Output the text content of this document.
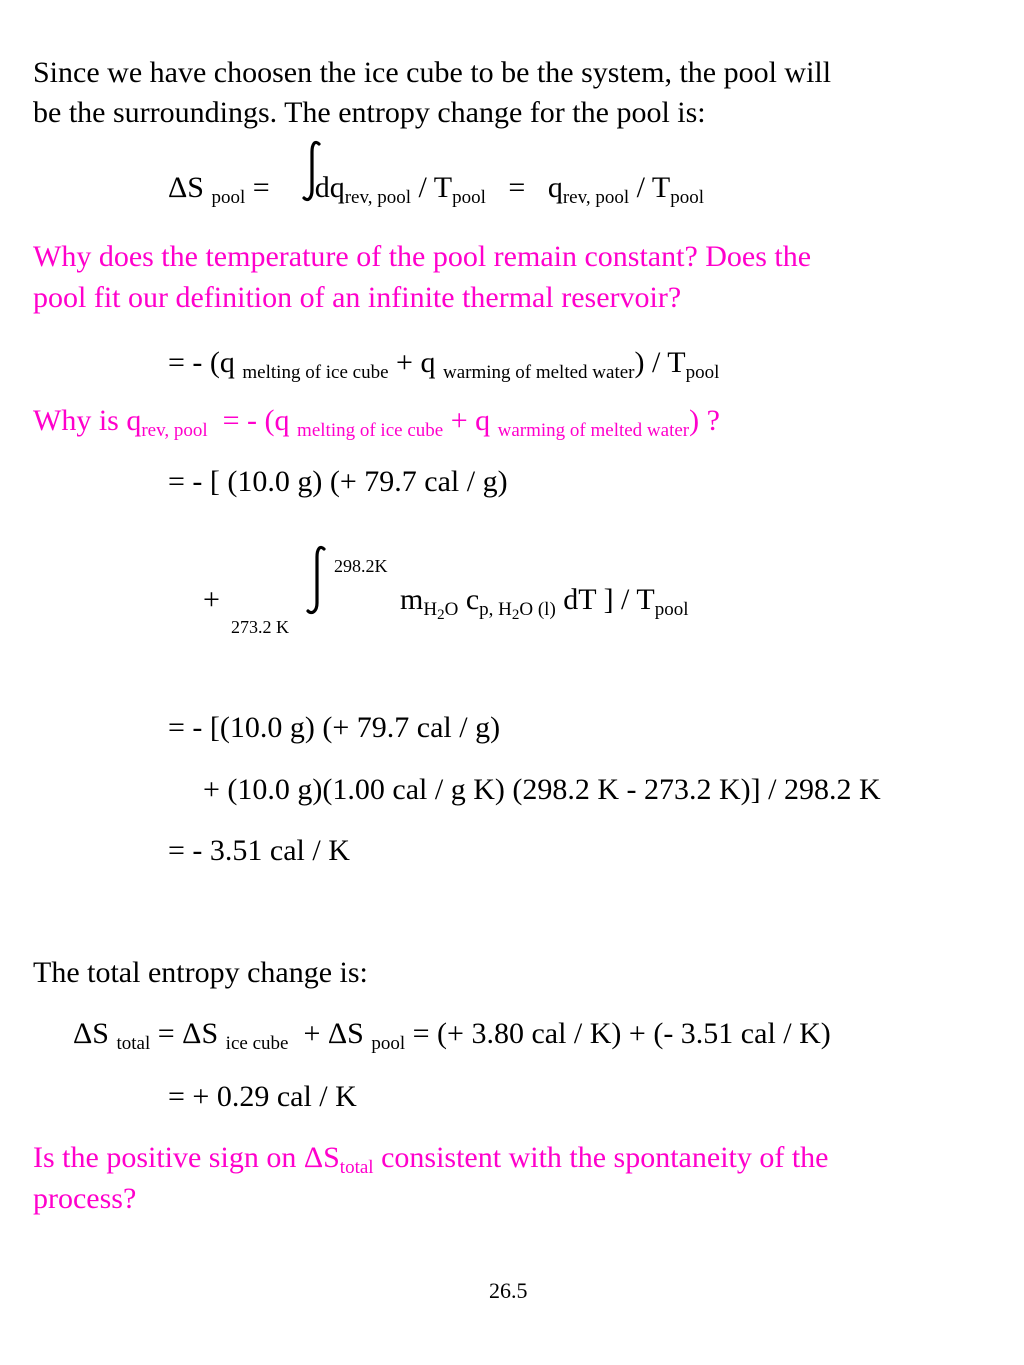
Since we have choosen the ice cube to be the system, the pool will
be the surroundings. The entropy change for the pool is:
ΔS $_{pool} = dq_{rev, pool} / T_{pool} = q_{rev, pool} / T_{pool}$
Why does the temperature of the pool remain constant? Does the
pool fit our definition of an infinite thermal reservoir?
= - (q $_{melting of ice cube}$ + q $_{warming of melted water}) / T_{pool}$
Why is $q_{rev, pool}$ = - (q $_{melting of ice cube}$ + q $_{warming of melted water}$) ?
= - [ (10.0 g) (+ 79.7 cal / g)
+
298.2K
273.2 K
$m_{H2O}$ $c_{p, H2O (l)}$ dT ] / $T_{pool}$
= - [(10.0 g) (+ 79.7 cal / g)
+ (10.0 g)(1.00 cal / g K) (298.2 K - 273.2 K)] / 298.2 K
= - 3.51 cal / K
The total entropy change is:
ΔS $_{total}$ = ΔS $_{ice cube}$ + ΔS $_{pool}$ = (+ 3.80 cal / K) + (- 3.51 cal / K)
= + 0.29 cal / K
Is the positive sign on $\Delta S_{total}$ consistent with the spontaneity of the
process?
26.5
